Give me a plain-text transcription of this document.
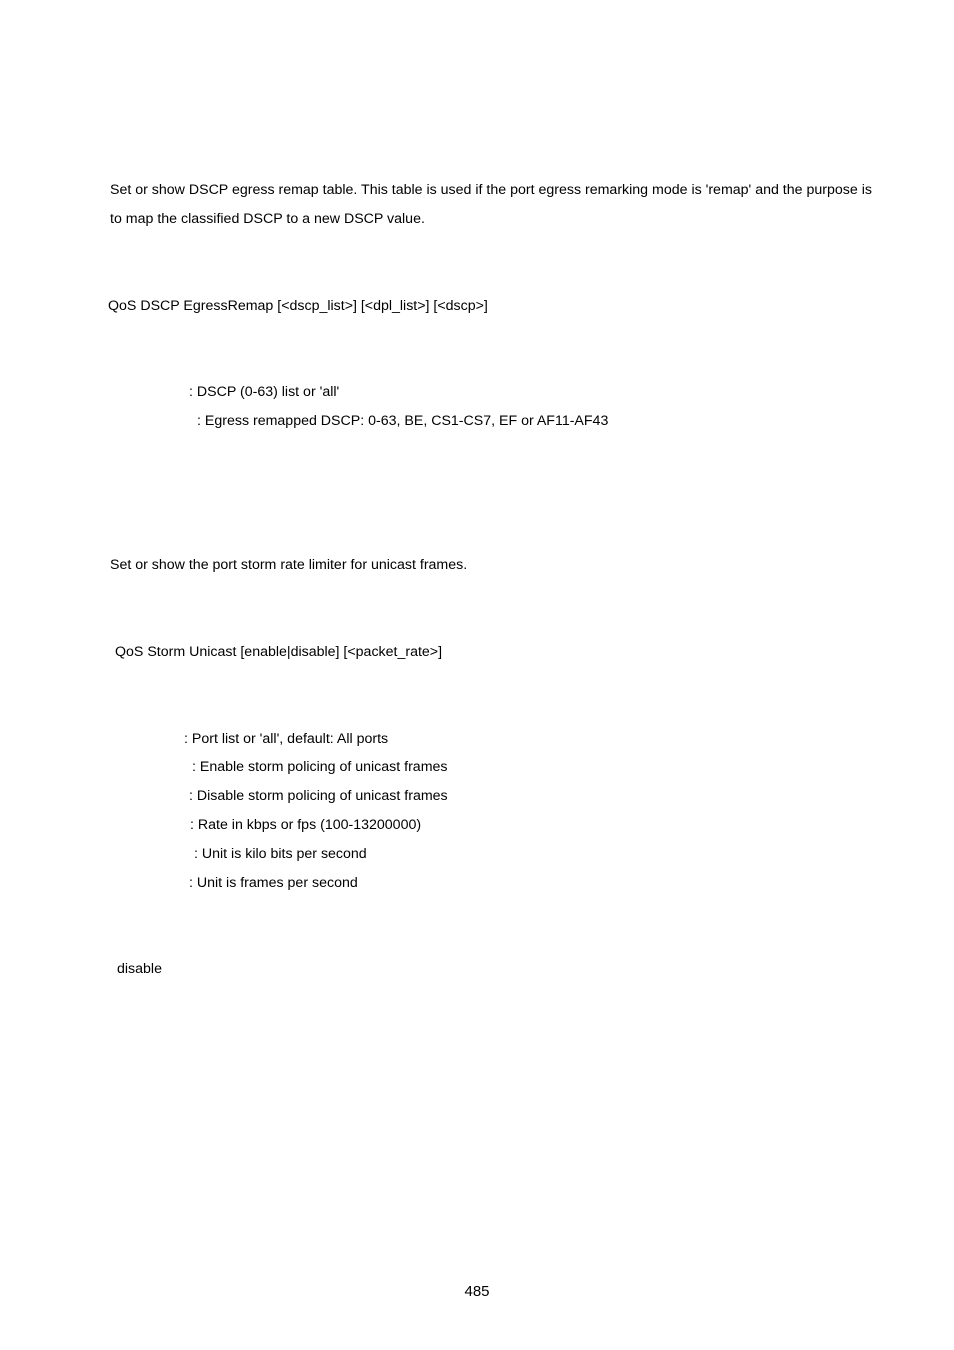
Set or show DSCP egress remap table. This table is used if the port egress remarking mode is 'remap' and the purpose is
to map the classified DSCP to a new DSCP value.
QoS DSCP EgressRemap [<dscp_list>] [<dpl_list>] [<dscp>]
: DSCP (0-63) list or 'all'
: Egress remapped DSCP: 0-63, BE, CS1-CS7, EF or AF11-AF43
Set or show the port storm rate limiter for unicast frames.
QoS Storm Unicast [enable|disable] [<packet_rate>]
: Port list or 'all', default: All ports
: Enable storm policing of unicast frames
: Disable storm policing of unicast frames
: Rate in kbps or fps (100-13200000)
: Unit is kilo bits per second
: Unit is frames per second
disable
485
